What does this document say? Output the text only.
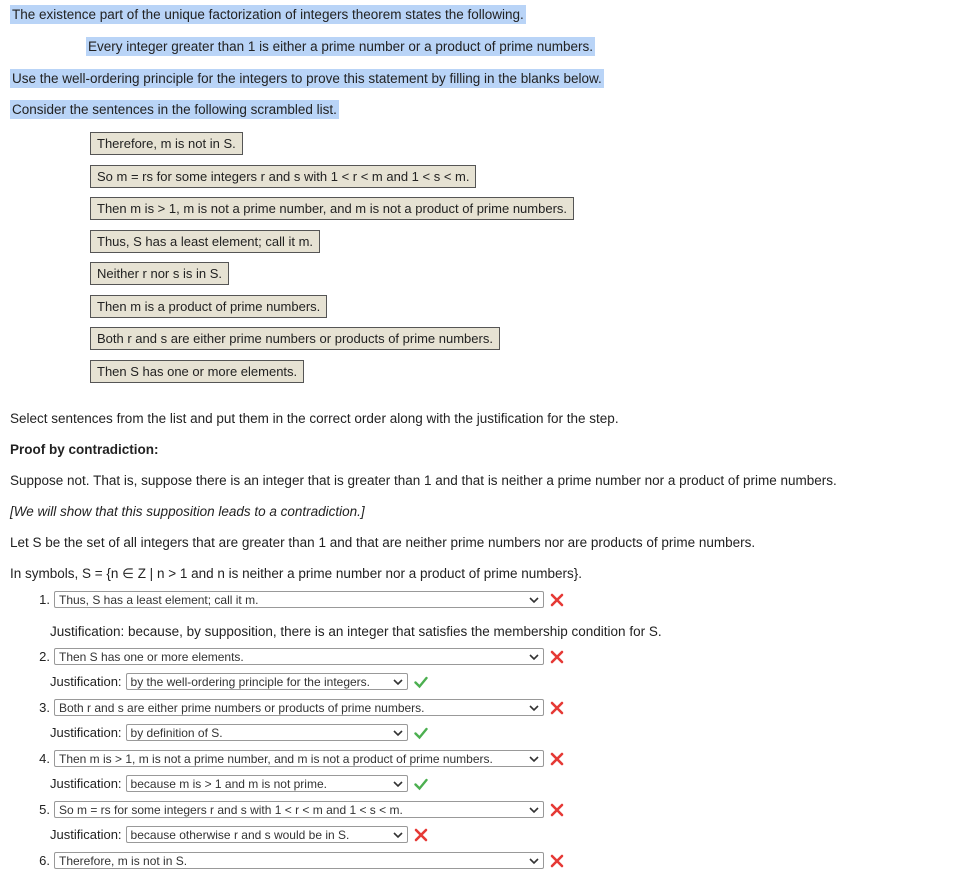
The existence part of the unique factorization of integers theorem states the following.
Every integer greater than 1 is either a prime number or a product of prime numbers.
Use the well-ordering principle for the integers to prove this statement by filling in the blanks below.
Consider the sentences in the following scrambled list.
Therefore, m is not in S.
So m = rs for some integers r and s with 1 < r < m and 1 < s < m.
Then m is > 1, m is not a prime number, and m is not a product of prime numbers.
Thus, S has a least element; call it m.
Neither r nor s is in S.
Then m is a product of prime numbers.
Both r and s are either prime numbers or products of prime numbers.
Then S has one or more elements.
Select sentences from the list and put them in the correct order along with the justification for the step.
Proof by contradiction:
Suppose not. That is, suppose there is an integer that is greater than 1 and that is neither a prime number nor a product of prime numbers.
[We will show that this supposition leads to a contradiction.]
Let S be the set of all integers that are greater than 1 and that are neither prime numbers nor are products of prime numbers.
In symbols, S = {n ∈ Z | n > 1 and n is neither a prime number nor a product of prime numbers}.
1. Thus, S has a least element; call it m.
Justification: because, by supposition, there is an integer that satisfies the membership condition for S.
2. Then S has one or more elements.
Justification: by the well-ordering principle for the integers.
3. Both r and s are either prime numbers or products of prime numbers.
Justification: by definition of S.
4. Then m is > 1, m is not a prime number, and m is not a product of prime numbers.
Justification: because m is > 1 and m is not prime.
5. So m = rs for some integers r and s with 1 < r < m and 1 < s < m.
Justification: because otherwise r and s would be in S.
6. Therefore, m is not in S.
